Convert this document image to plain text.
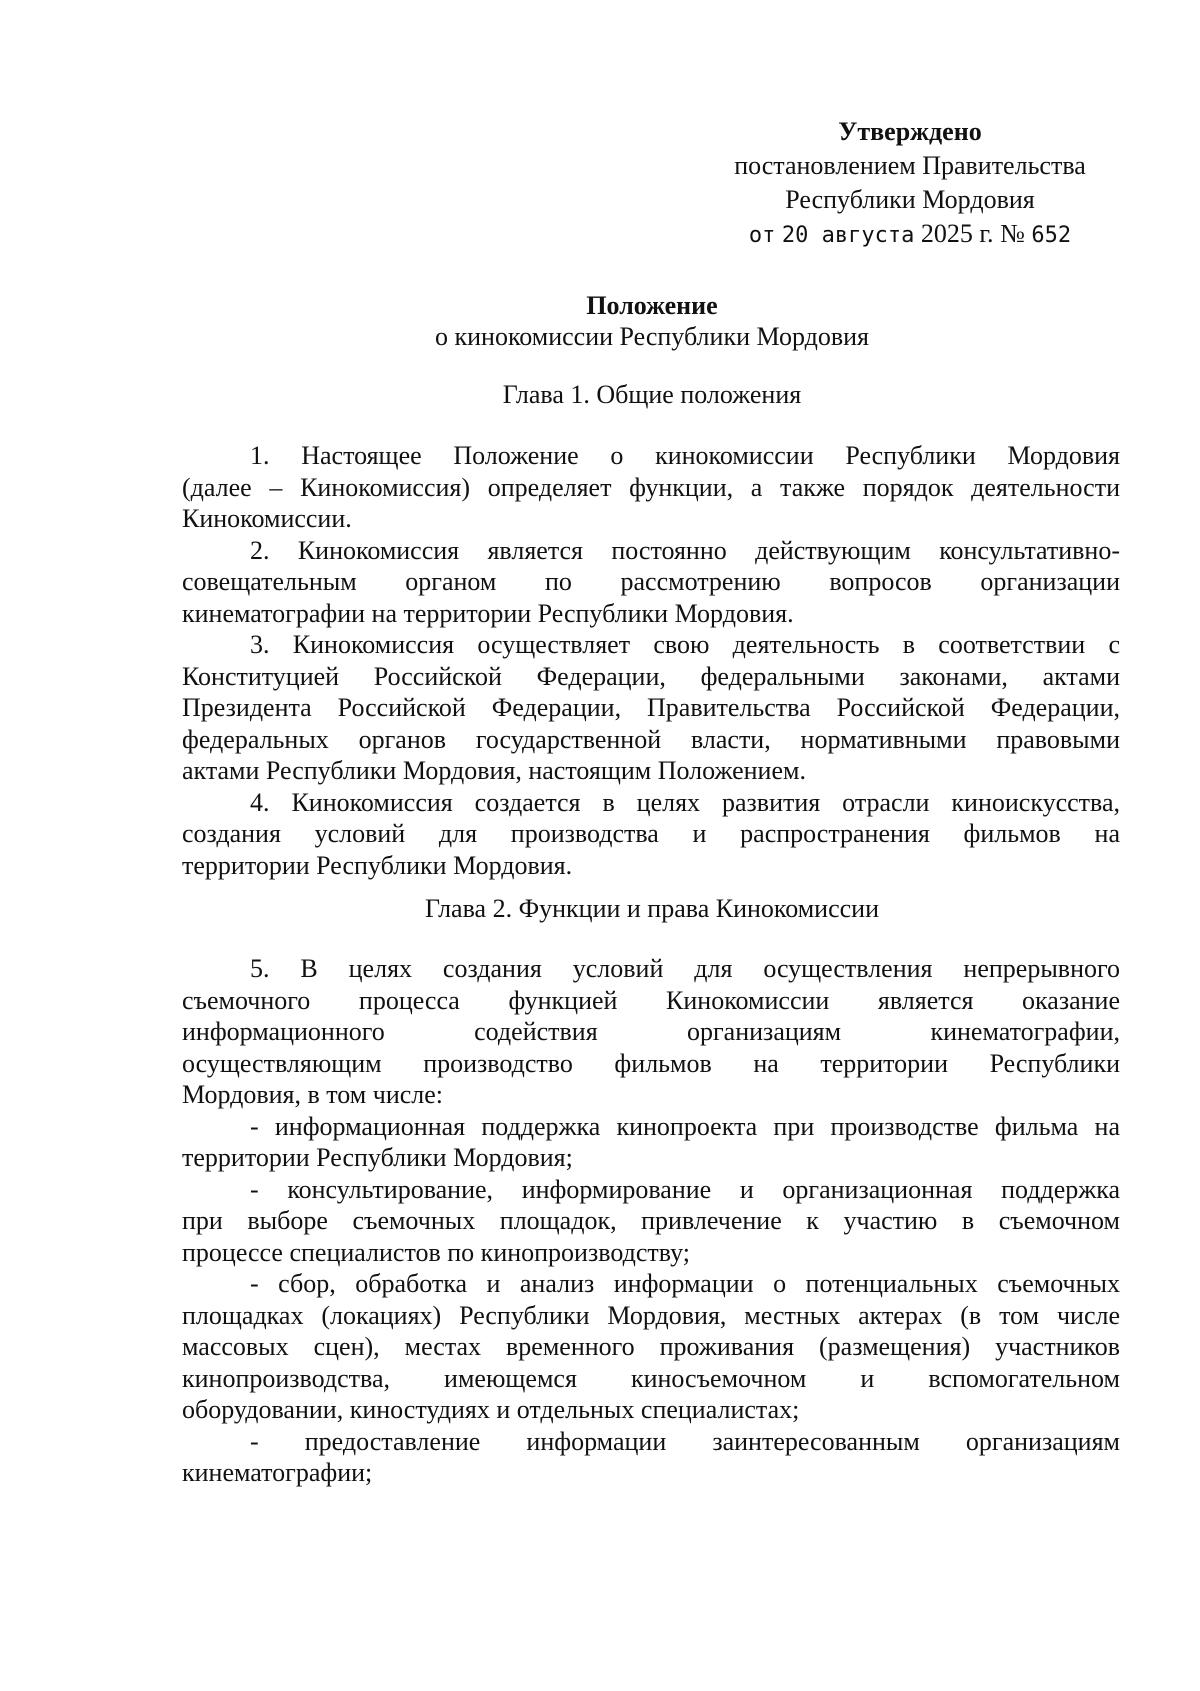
Утверждено
постановлением Правительства
Республики Мордовия
от 20 августа 2025 г. № 652
Положение
о кинокомиссии Республики Мордовия
Глава 1. Общие положения
1. Настоящее Положение о кинокомиссии Республики Мордовия
(далее – Кинокомиссия) определяет функции, а также порядок деятельности
Кинокомиссии.
2. Кинокомиссия является постоянно действующим консультативно-
совещательным органом по рассмотрению вопросов организации
кинематографии на территории Республики Мордовия.
3. Кинокомиссия осуществляет свою деятельность в соответствии с
Конституцией Российской Федерации, федеральными законами, актами
Президента Российской Федерации, Правительства Российской Федерации,
федеральных органов государственной власти, нормативными правовыми
актами Республики Мордовия, настоящим Положением.
4. Кинокомиссия создается в целях развития отрасли киноискусства,
создания условий для производства и распространения фильмов на
территории Республики Мордовия.
Глава 2. Функции и права Кинокомиссии
5. В целях создания условий для осуществления непрерывного
съемочного процесса функцией Кинокомиссии является оказание
информационного содействия организациям кинематографии,
осуществляющим производство фильмов на территории Республики
Мордовия, в том числе:
- информационная поддержка кинопроекта при производстве фильма на
территории Республики Мордовия;
- консультирование, информирование и организационная поддержка
при выборе съемочных площадок, привлечение к участию в съемочном
процессе специалистов по кинопроизводству;
- сбор, обработка и анализ информации о потенциальных съемочных
площадках (локациях) Республики Мордовия, местных актерах (в том числе
массовых сцен), местах временного проживания (размещения) участников
кинопроизводства, имеющемся киносъемочном и вспомогательном
оборудовании, киностудиях и отдельных специалистах;
- предоставление информации заинтересованным организациям
кинематографии;
